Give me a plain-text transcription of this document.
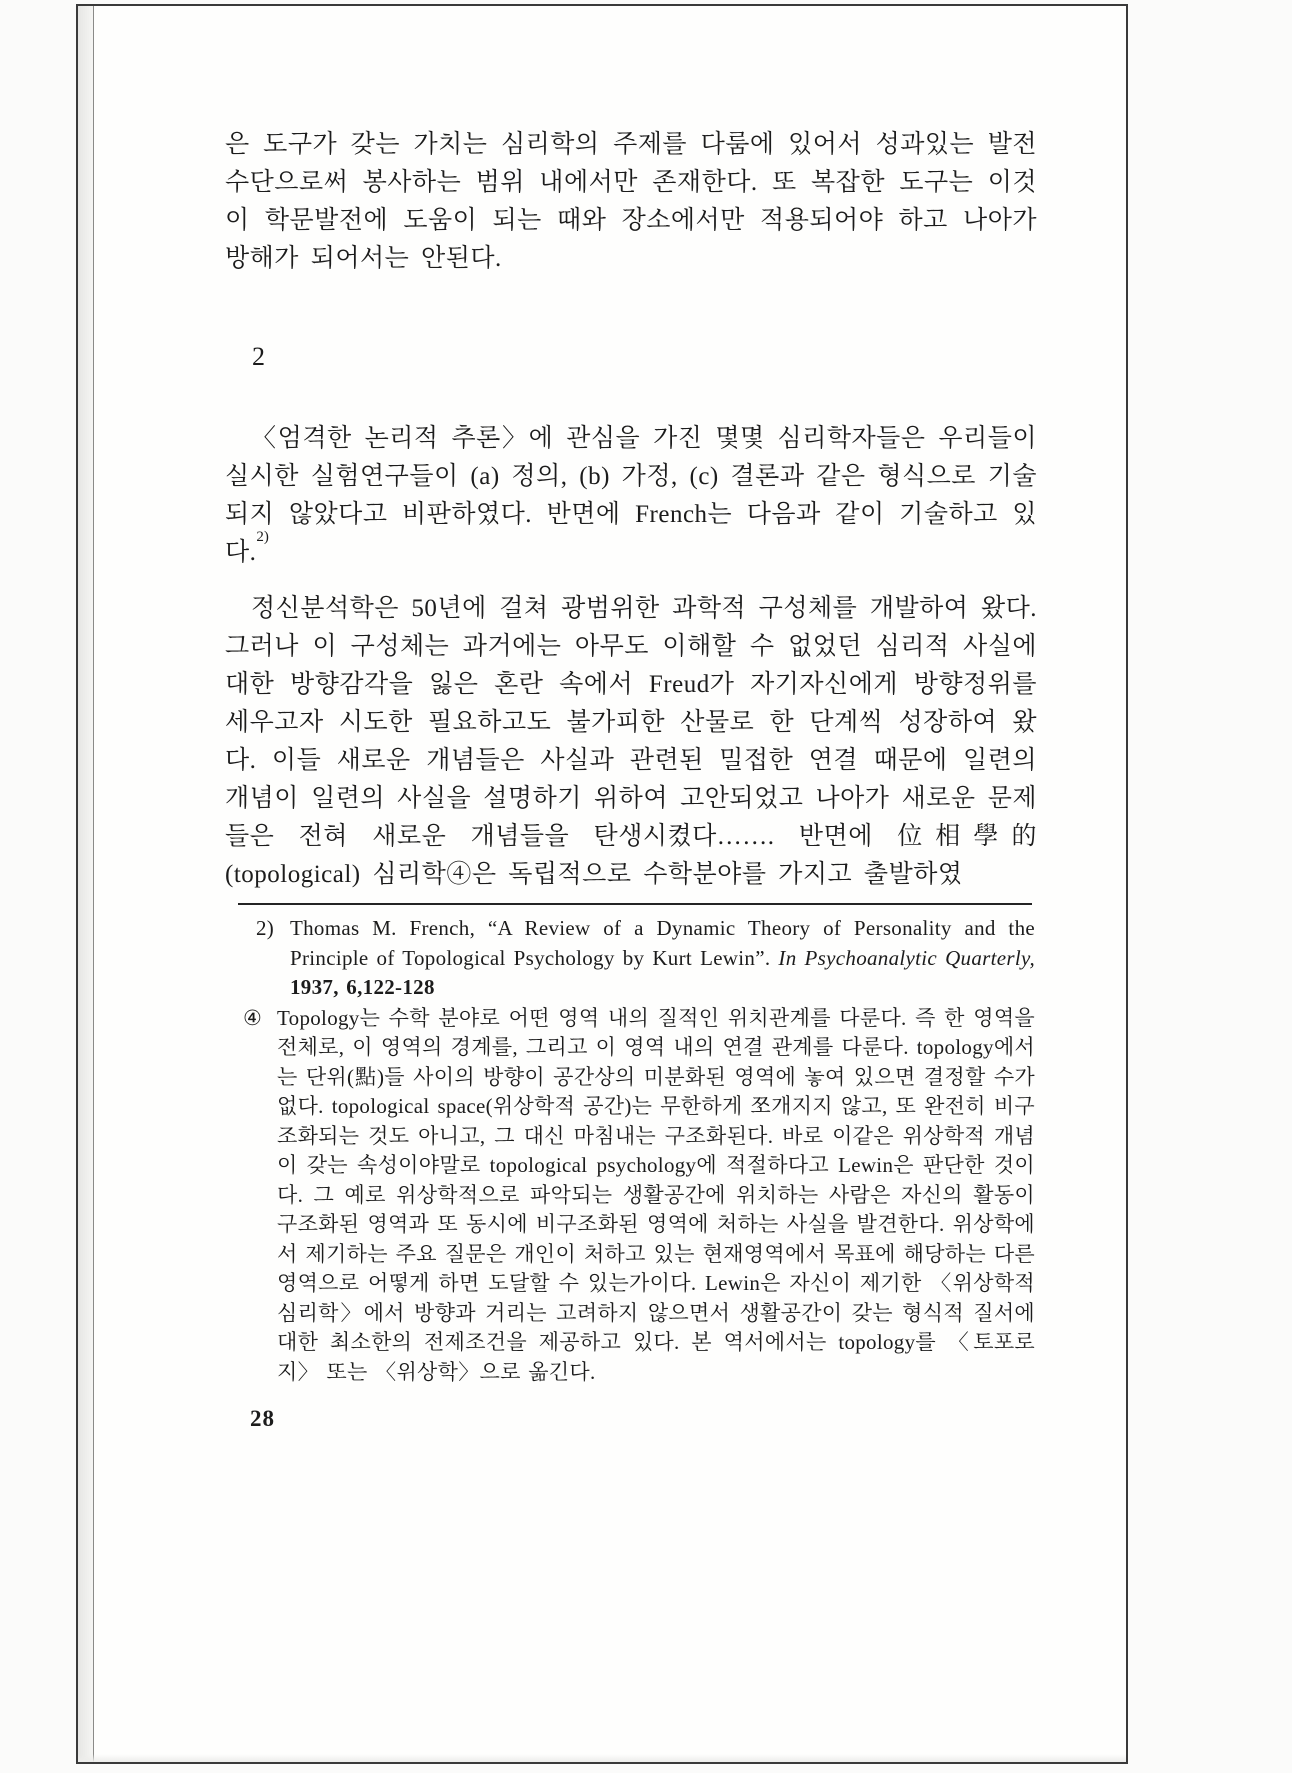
은 도구가 갖는 가치는 심리학의 주제를 다룸에 있어서 성과있는 발전수단으로써 봉사하는 범위 내에서만 존재한다. 또 복잡한 도구는 이것이 학문발전에 도움이 되는 때와 장소에서만 적용되어야 하고 나아가 방해가 되어서는 안된다.

2

〈엄격한 논리적 추론〉에 관심을 가진 몇몇 심리학자들은 우리들이 실시한 실험연구들이 (a) 정의, (b) 가정, (c) 결론과 같은 형식으로 기술되지 않았다고 비판하였다. 반면에 French는 다음과 같이 기술하고 있다.$^{2)}$

정신분석학은 50년에 걸쳐 광범위한 과학적 구성체를 개발하여 왔다. 그러나 이 구성체는 과거에는 아무도 이해할 수 없었던 심리적 사실에 대한 방향감각을 잃은 혼란 속에서 Freud가 자기자신에게 방향정위를 세우고자 시도한 필요하고도 불가피한 산물로 한 단계씩 성장하여 왔다. 이들 새로운 개념들은 사실과 관련된 밀접한 연결 때문에 일련의 개념이 일련의 사실을 설명하기 위하여 고안되었고 나아가 새로운 문제들은 전혀 새로운 개념들을 탄생시켰다……. 반면에 位相學的(topological) 심리학④은 독립적으로 수학분야를 가지고 출발하였

2) Thomas M. French, “A Review of a Dynamic Theory of Personality and the Principle of Topological Psychology by Kurt Lewin”. In Psychoanalytic Quarterly, 1937, 6,122-128

④ Topology는 수학 분야로 어떤 영역 내의 질적인 위치관계를 다룬다. 즉 한 영역을 전체로, 이 영역의 경계를, 그리고 이 영역 내의 연결 관계를 다룬다. topology에서는 단위(點)들 사이의 방향이 공간상의 미분화된 영역에 놓여 있으면 결정할 수가 없다. topological space(위상학적 공간)는 무한하게 쪼개지지 않고, 또 완전히 비구조화되는 것도 아니고, 그 대신 마침내는 구조화된다. 바로 이같은 위상학적 개념이 갖는 속성이야말로 topological psychology에 적절하다고 Lewin은 판단한 것이다. 그 예로 위상학적으로 파악되는 생활공간에 위치하는 사람은 자신의 활동이 구조화된 영역과 또 동시에 비구조화된 영역에 처하는 사실을 발견한다. 위상학에서 제기하는 주요 질문은 개인이 처하고 있는 현재영역에서 목표에 해당하는 다른 영역으로 어떻게 하면 도달할 수 있는가이다. Lewin은 자신이 제기한 〈위상학적 심리학〉에서 방향과 거리는 고려하지 않으면서 생활공간이 갖는 형식적 질서에 대한 최소한의 전제조건을 제공하고 있다. 본 역서에서는 topology를 〈토포로지〉 또는 〈위상학〉으로 옮긴다.

28
